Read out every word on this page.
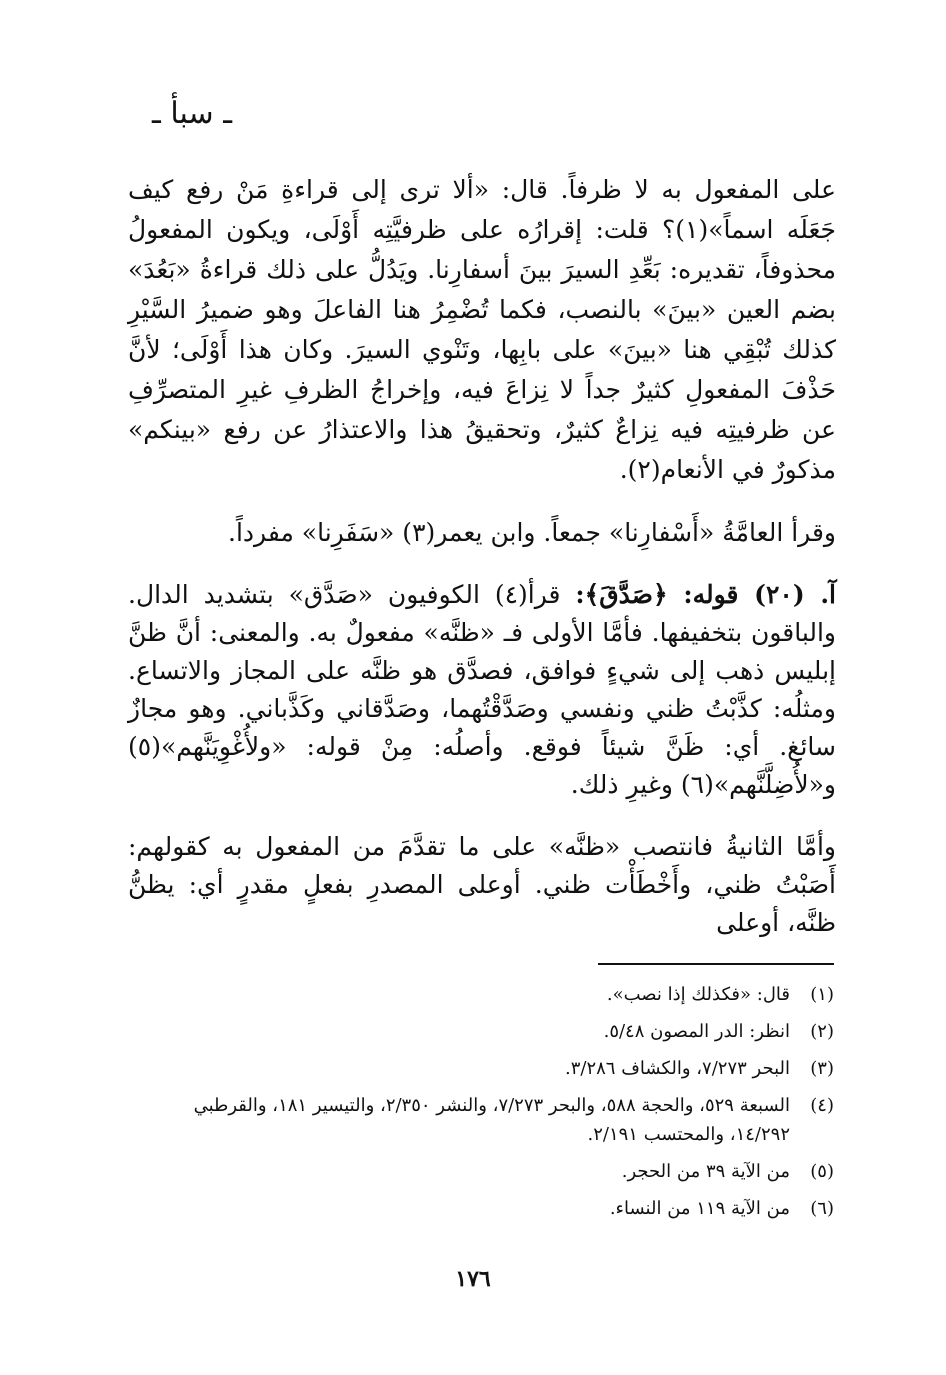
ـ سبأ ـ

على المفعول به لا ظرفاً. قال: «ألا ترى إلى قراءةِ مَنْ رفع كيف جَعَلَه اسماً»(١)؟ قلت: إقرارُه على ظرفيَّتِه أَوْلَى، ويكون المفعولُ محذوفاً، تقديره: بَعِّدِ السيرَ بينَ أسفارِنا. ويَدُلُّ على ذلك قراءةُ «بَعُدَ» بضم العين «بينَ» بالنصب، فكما تُضْمِرُ هنا الفاعلَ وهو ضميرُ السَّيْرِ كذلك تُبْقِي هنا «بينَ» على بابِها، وتَنْوي السيرَ. وكان هذا أَوْلَى؛ لأنَّ حَذْفَ المفعولِ كثيرٌ جداً لا نِزاعَ فيه، وإخراجُ الظرفِ غيرِ المتصرِّفِ عن ظرفيتِه فيه نِزاعٌ كثيرٌ، وتحقيقُ هذا والاعتذارُ عن رفع «بينكم» مذكورٌ في الأنعام(٢).

وقرأ العامَّةُ «أَسْفارِنا» جمعاً. وابن يعمر(٣) «سَفَرِنا» مفرداً.

آ. (٢٠) قوله: ﴿صَدَّقَ﴾: قرأ(٤) الكوفيون «صَدَّق» بتشديد الدال. والباقون بتخفيفها. فأمَّا الأولى فـ «ظنَّه» مفعولٌ به. والمعنى: أنَّ ظنَّ إبليس ذهب إلى شيءٍ فوافق، فصدَّق هو ظنَّه على المجاز والاتساع. ومثلُه: كذَّبْتُ ظني ونفسي وصَدَّقْتُهما، وصَدَّقاني وكَذَّباني. وهو مجازٌ سائغ. أي: ظَنَّ شيئاً فوقع. وأصلُه: مِنْ قوله: «ولأُغْوِيَنَّهم»(٥) و«لأُضِلَّنَّهم»(٦) وغيرِ ذلك.

وأمَّا الثانيةُ فانتصب «ظنَّه» على ما تقدَّمَ من المفعول به كقولهم: أَصَبْتُ ظني، وأَخْطَأْت ظني. أوعلى المصدرِ بفعلٍ مقدرٍ أي: يظنُّ ظنَّه، أوعلى

(١)
قال: «فكذلك إذا نصب».
(٢)
انظر: الدر المصون ٥/٤٨.
(٣)
البحر ٧/٢٧٣، والكشاف ٣/٢٨٦.
(٤)
السبعة ٥٢٩، والحجة ٥٨٨، والبحر ٧/٢٧٣، والنشر ٢/٣٥٠، والتيسير ١٨١، والقرطبي ١٤/٢٩٢، والمحتسب ٢/١٩١.
(٥)
من الآية ٣٩ من الحجر.
(٦)
من الآية ١١٩ من النساء.
١٧٦
